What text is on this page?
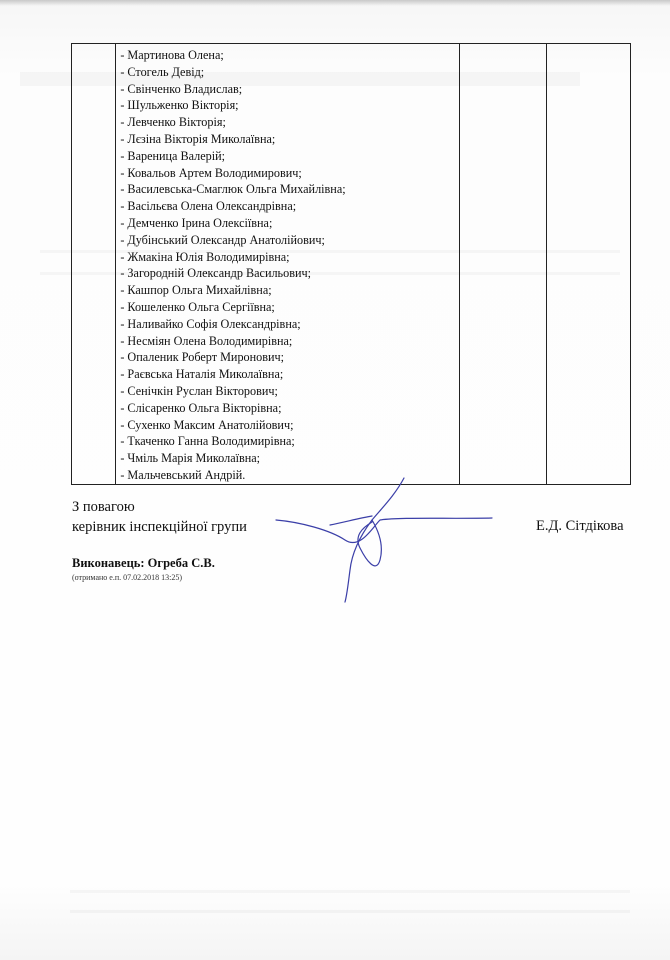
- Мартинова Олена;
- Стогель Девід;
- Свінченко Владислав;
- Шульженко Вікторія;
- Левченко Вікторія;
- Лєзіна Вікторія Миколаївна;
- Вареница Валерій;
- Ковальов Артем Володимирович;
- Василевська-Смаглюк Ольга Михайлівна;
- Васільєва Олена Олександрівна;
- Демченко Ірина Олексіївна;
- Дубінський Олександр Анатолійович;
- Жмакіна Юлія Володимирівна;
- Загородній Олександр Васильович;
- Кашпор Ольга Михайлівна;
- Кошеленко Ольга Сергіївна;
- Наливайко Софія Олександрівна;
- Несміян Олена Володимирівна;
- Опаленик Роберт Миронович;
- Раєвська Наталія Миколаївна;
- Сенічкін Руслан Вікторович;
- Слісаренко Ольга Вікторівна;
- Сухенко Максим Анатолійович;
- Ткаченко Ганна Володимирівна;
- Чміль Марія Миколаївна;
- Мальчевський Андрій.

З повагою
керівник інспекційної групи	Е.Д. Сітдікова
Виконавець: Огреба С.В.
(отримано е.п. 07.02.2018 13:25)
